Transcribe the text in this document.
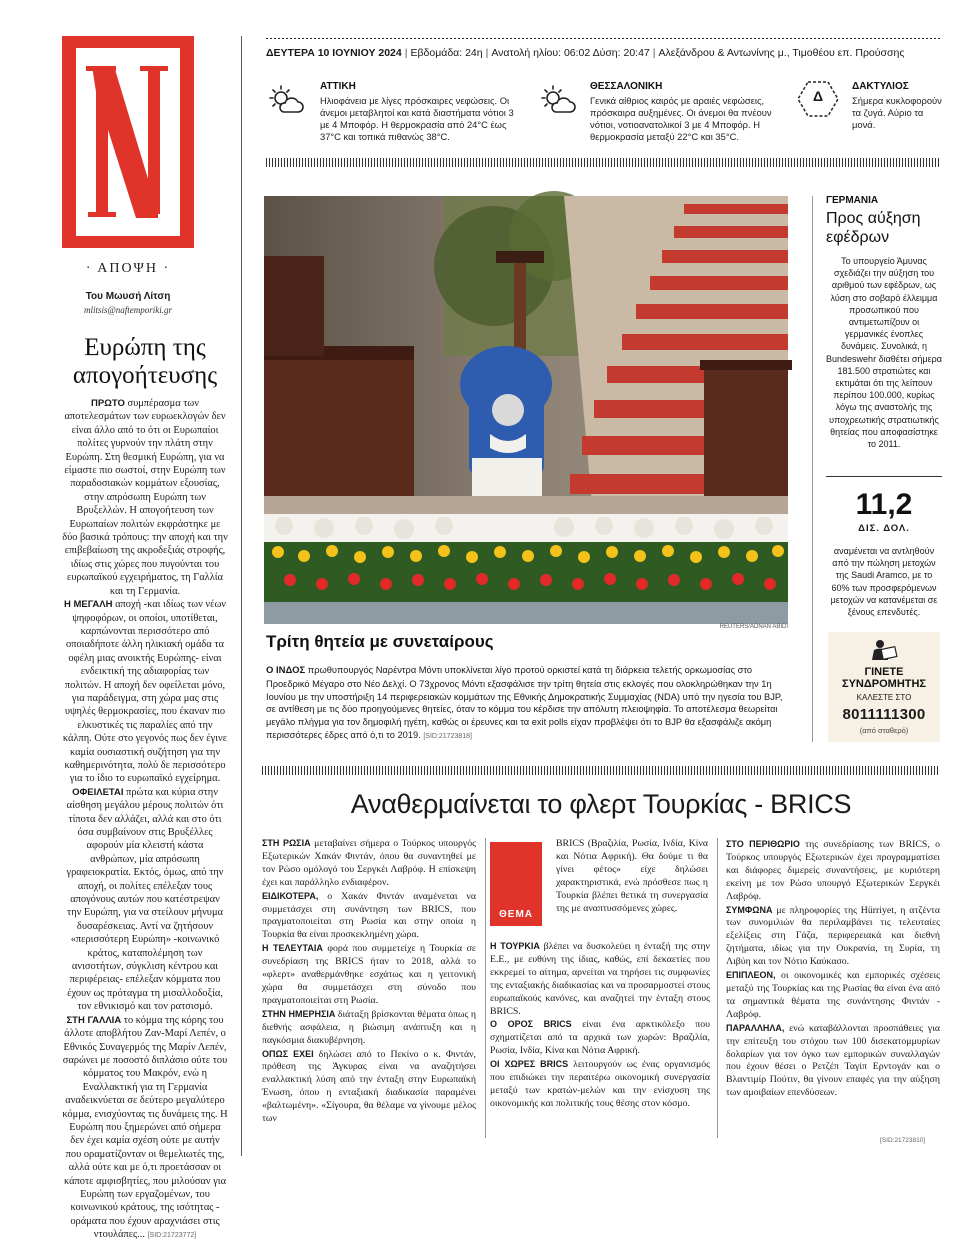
· ΑΠΟΨΗ ·
Του Μωυσή Λίτση
mlitsis@naftemporiki.gr
Ευρώπη της απογοήτευσης

ΠΡΩΤΟ συμπέρασμα των αποτελεσμάτων των ευρωεκλογών δεν είναι άλλο από το ότι οι Ευρωπαίοι πολίτες γυρνούν την πλάτη στην Ευρώπη. Στη θεσμική Ευρώπη, για να είμαστε πιο σωστοί, στην Ευρώπη των παραδοσιακών κομμάτων εξουσίας, στην απρόσωπη Ευρώπη των Βρυξελλών. Η απογοήτευση των Ευρωπαίων πολιτών εκφράστηκε με δύο βασικά τρόπους: την αποχή και την επιβεβαίωση της ακροδεξιάς στροφής, ιδίως στις χώρες που πυγούνται του ευρωπαϊκού εγχειρήματος, τη Γαλλία και τη Γερμανία.

Η ΜΕΓΑΛΗ αποχή -και ιδίως των νέων ψηφοφόρων, οι οποίοι, υποτίθεται, καρπώνονται περισσότερο από οποιαδήποτε άλλη ηλικιακή ομάδα τα οφέλη μιας ανοικτής Ευρώπης- είναι ενδεικτική της αδιαφορίας των πολιτών. Η αποχή δεν οφείλεται μόνο, για παράδειγμα, στη χώρα μας στις υψηλές θερμοκρασίες, που έκαναν πιο ελκυστικές τις παραλίες από την κάλπη. Ούτε στο γεγονός πως δεν έγινε καμία ουσιαστική συζήτηση για την καθημερινότητα, πολύ δε περισσότερο για το ίδιο το ευρωπαϊκό εγχείρημα.

ΟΦΕΙΛΕΤΑΙ πρώτα και κύρια στην αίσθηση μεγάλου μέρους πολιτών ότι τίποτα δεν αλλάζει, αλλά και στο ότι όσα συμβαίνουν στις Βρυξέλλες αφορούν μία κλειστή κάστα ανθρώπων, μία απρόσωπη γραφειοκρατία. Εκτός, όμως, από την αποχή, οι πολίτες επέλεξαν τους απογόνους αυτών που κατέστρεψαν την Ευρώπη, για να στείλουν μήνυμα δυσαρέσκειας. Αντί να ζητήσουν «περισσότερη Ευρώπη» -κοινωνικό κράτος, καταπολέμηση των ανισοτήτων, σύγκλιση κέντρου και περιφέρειας- επέλεξαν κόμματα που έχουν ως πρόταγμα τη μισαλλοδοξία, τον εθνικισμό και τον ρατσισμό.

ΣΤΗ ΓΑΛΛΙΑ το κόμμα της κόρης του άλλοτε αποβλήτου Ζαν-Μαρί Λεπέν, ο Εθνικός Συναγερμός της Μαρίν Λεπέν, σαρώνει με ποσοστό διπλάσιο ούτε του κόμματος του Μακρόν, ενώ η Εναλλακτική για τη Γερμανία αναδεικνύεται σε δεύτερο μεγαλύτερο κόμμα, ενισχύοντας τις δυνάμεις της. Η Ευρώπη που ξημερώνει από σήμερα δεν έχει καμία σχέση ούτε με αυτήν που οραματίζονταν οι θεμελιωτές της, αλλά ούτε και με ό,τι προετάσσαν οι κάποτε αμφισβητίες, που μιλούσαν για Ευρώπη των εργαζομένων, του κοινωνικού κράτους, της ισότητας - οράματα που έχουν αραχνιάσει στις ντουλάπες... [SID:21723772]

ΔΕΥΤΕΡΑ 10 ΙΟΥΝΙΟΥ 2024 | Εβδομάδα: 24η | Ανατολή ηλίου: 06:02 Δύση: 20:47 | Αλεξάνδρου & Αντωνίνης μ., Τιμοθέου επ. Προύσσης
ΑΤΤΙΚΗ
Ηλιοφάνεια με λίγες πρόσκαιρες νεφώσεις. Οι άνεμοι μεταβλητοί και κατά διαστήματα νότιοι 3 με 4 Μποφόρ. Η θερμοκρασία από 24°C έως 37°C και τοπικά πιθανώς 38°C.
ΘΕΣΣΑΛΟΝΙΚΗ
Γενικά αίθριος καιρός με αραιές νεφώσεις, πρόσκαιρα αυξημένες. Οι άνεμοι θα πνέουν νότιοι, νοτιοανατολικοί 3 με 4 Μποφόρ. Η θερμοκρασία μεταξύ 22°C και 35°C.
Δ
ΔΑΚΤΥΛΙΟΣ
Σήμερα κυκλοφορούν τα ζυγά. Αύριο τα μονά.
REUTERS/ADNAN ABIDI
Τρίτη θητεία με συνεταίρους
Ο ΙΝΔΟΣ πρωθυπουργός Ναρέντρα Μόντι υποκλίνεται λίγο προτού ορκιστεί κατά τη διάρκεια τελετής ορκωμοσίας στο Προεδρικό Μέγαρο στο Νέο Δελχί. Ο 73χρονος Μόντι εξασφάλισε την τρίτη θητεία στις εκλογές που ολοκληρώθηκαν την 1η Ιουνίου με την υποστήριξη 14 περιφερειακών κομμάτων της Εθνικής Δημοκρατικής Συμμαχίας (NDA) υπό την ηγεσία του BJP, σε αντίθεση με τις δύο προηγούμενες θητείες, όταν το κόμμα του κέρδισε την απόλυτη πλειοψηφία. Το αποτέλεσμα θεωρείται μεγάλο πλήγμα για τον δημοφιλή ηγέτη, καθώς οι έρευνες και τα exit polls είχαν προβλέψει ότι το BJP θα εξασφάλιζε ακόμη περισσότερες έδρες από ό,τι το 2019. [SID:21723818]
ΓΕΡΜΑΝΙΑ
Προς αύξηση εφέδρων
Το υπουργείο Άμυνας σχεδιάζει την αύξηση του αριθμού των εφέδρων, ως λύση στο σοβαρό έλλειμμα προσωπικού που αντιμετωπίζουν οι γερμανικές ένοπλες δυνάμεις. Συνολικά, η Bundeswehr διαθέτει σήμερα 181.500 στρατιώτες και εκτιμάται ότι της λείπουν περίπου 100.000, κυρίως λόγω της αναστολής της υποχρεωτικής στρατιωτικής θητείας που αποφασίστηκε το 2011.
11,2
ΔΙΣ. ΔΟΛ.
αναμένεται να αντληθούν από την πώληση μετοχών της Saudi Aramco, με το 60% των προσφερόμενων μετοχών να κατανέμεται σε ξένους επενδυτές.
ΓΙΝΕΤΕ ΣΥΝΔΡΟΜΗΤΗΣ
ΚΑΛΕΣΤΕ ΣΤΟ
8011111300
(από σταθερό)
Αναθερμαίνεται το φλερτ Τουρκίας - BRICS

ΣΤΗ ΡΩΣΙΑ μεταβαίνει σήμερα ο Τούρκος υπουργός Εξωτερικών Χακάν Φιντάν, όπου θα συναντηθεί με τον Ρώσο ομόλογό του Σεργκέι Λαβρόφ. Η επίσκεψη έχει και παράλληλο ενδιαφέρον.

ΕΙΔΙΚΟΤΕΡΑ, ο Χακάν Φιντάν αναμένεται να συμμετάσχει στη συνάντηση των BRICS, που πραγματοποιείται στη Ρωσία και στην οποία η Τουρκία θα είναι προσκεκλημένη χώρα.

Η ΤΕΛΕΥΤΑΙΑ φορά που συμμετείχε η Τουρκία σε συνεδρίαση της BRICS ήταν το 2018, αλλά το «φλερτ» αναθερμάνθηκε εσχάτως και η γειτονική χώρα θα συμμετάσχει στη σύνοδο που πραγματοποιείται στη Ρωσία.

ΣΤΗΝ ΗΜΕΡΗΣΙΑ διάταξη βρίσκονται θέματα όπως η διεθνής ασφάλεια, η βιώσιμη ανάπτυξη και η παγκόσμια διακυβέρνηση.

ΟΠΩΣ ΕΧΕΙ δηλώσει από το Πεκίνο ο κ. Φιντάν, πρόθεση της Άγκυρας είναι να αναζητήσει εναλλακτική λύση από την ένταξη στην Ευρωπαϊκή Ένωση, όπου η ενταξιακή διαδικασία παραμένει «βαλτωμένη». «Σίγουρα, θα θέλαμε να γίνουμε μέλος των

ΘΕΜΑ

BRICS (Βραζιλία, Ρωσία, Ινδία, Κίνα και Νότια Αφρική). Θα δούμε τι θα γίνει φέτος» είχε δηλώσει χαρακτηριστικά, ενώ πρόσθεσε πως η Τουρκία βλέπει θετικά τη συνεργασία της με αναπτυσσόμενες χώρες.

Η ΤΟΥΡΚΙΑ βλέπει να δυσκολεύει η ένταξή της στην Ε.Ε., με ευθύνη της ίδιας, καθώς, επί δεκαετίες που εκκρεμεί το αίτημα, αρνείται να τηρήσει τις συμφωνίες της ενταξιακής διαδικασίας και να προσαρμοστεί στους ευρωπαϊκούς κανόνες, και αναζητεί την ένταξη στους BRICS.

Ο ΟΡΟΣ BRICS είναι ένα αρκτικόλεξο που σχηματίζεται από τα αρχικά των χωρών: Βραζιλία, Ρωσία, Ινδία, Κίνα και Νότια Αφρική.

ΟΙ ΧΩΡΕΣ BRICS λειτουργούν ως ένας οργανισμός που επιδιώκει την περαιτέρω οικονομική συνεργασία μεταξύ των κρατών-μελών και την ενίσχυση της οικονομικής και πολιτικής τους θέσης στον κόσμο.

ΣΤΟ ΠΕΡΙΘΩΡΙΟ της συνεδρίασης των BRICS, ο Τούρκος υπουργός Εξωτερικών έχει προγραμματίσει και διάφορες διμερείς συναντήσεις, με κυριότερη εκείνη με τον Ρώσο υπουργό Εξωτερικών Σεργκέι Λαβρόφ.

ΣΥΜΦΩΝΑ με πληροφορίες της Hürriyet, η ατζέντα των συνομιλιών θα περιλαμβάνει τις τελευταίες εξελίξεις στη Γάζα, περιφερειακά και διεθνή ζητήματα, ιδίως για την Ουκρανία, τη Συρία, τη Λιβύη και τον Νότιο Καύκασο.

ΕΠΙΠΛΕΟΝ, οι οικονομικές και εμπορικές σχέσεις μεταξύ της Τουρκίας και της Ρωσίας θα είναι ένα από τα σημαντικά θέματα της συνάντησης Φιντάν - Λαβρόφ.

ΠΑΡΑΛΛΗΛΑ, ενώ καταβάλλονται προσπάθειες για την επίτευξη του στόχου των 100 δισεκατομμυρίων δολαρίων για τον όγκο των εμπορικών συναλλαγών που έχουν θέσει ο Ρετζέπ Ταγίπ Ερντογάν και ο Βλαντιμίρ Πούτιν, θα γίνουν επαφές για την αύξηση των αμοιβαίων επενδύσεων.

[SID:21723810]
